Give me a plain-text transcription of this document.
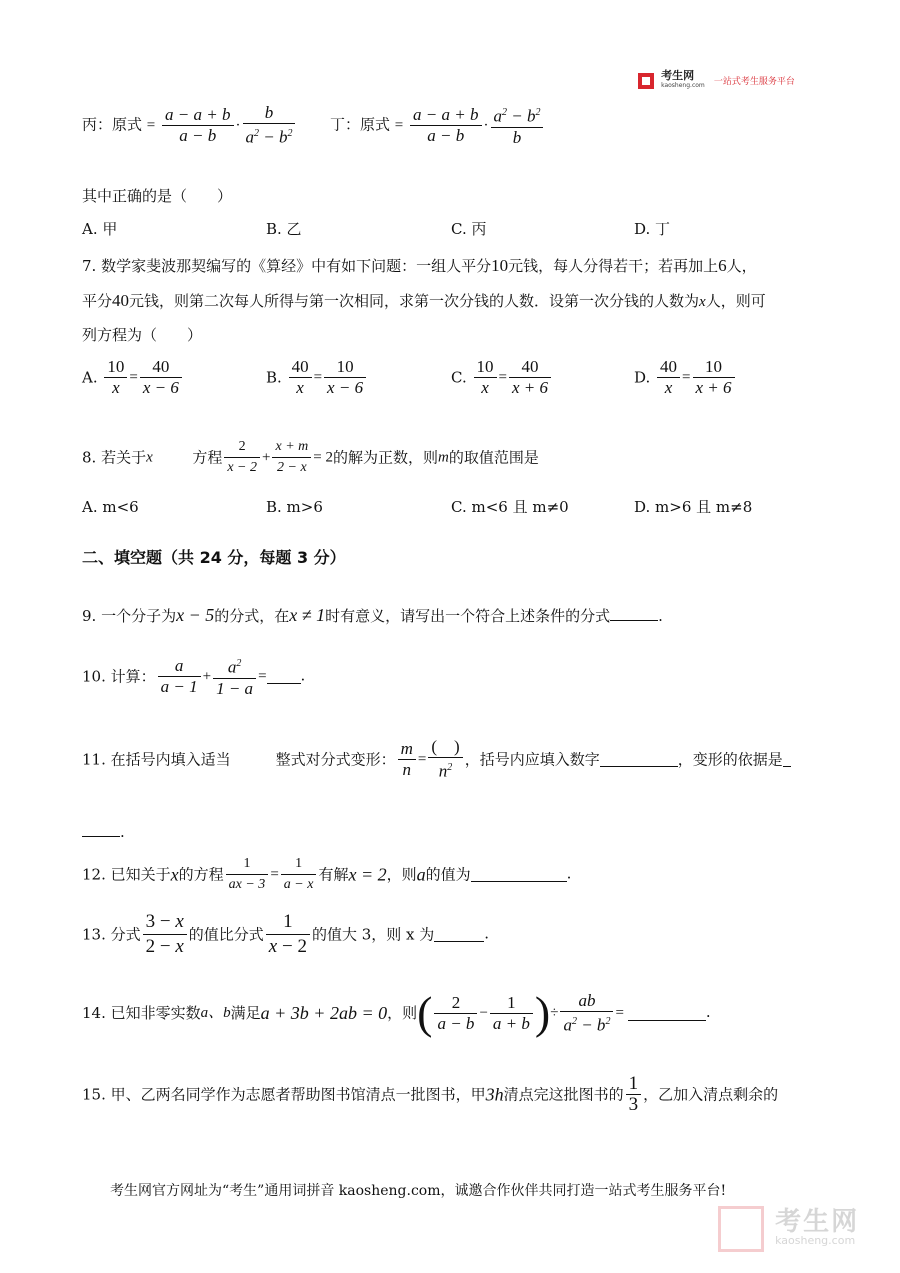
考生网
kaosheng.com 一站式考生服务平台
丙：原式 = $\frac{a - a + b}{a - b} \cdot \frac{b}{a^2 - b^2}$ 丁：原式 = $\frac{a - a + b}{a - b} \cdot \frac{a^2 - b^2}{b}$
其中正确的是（　　）
A. 甲	B. 乙	C. 丙	D. 丁
7. 数学家斐波那契编写的《算经》中有如下问题：一组人平分10元钱，每人分得若干；若再加上6人，
平分40元钱，则第二次每人所得与第一次相同，求第一次分钱的人数．设第一次分钱的人数为x人，则可
列方程为（　　）
A. $\frac{10}{x} = \frac{40}{x - 6}$	B. $\frac{40}{x} = \frac{10}{x - 6}$	C. $\frac{10}{x} = \frac{40}{x + 6}$	D. $\frac{40}{x} = \frac{10}{x + 6}$
8. 若关于x	方程 $\frac{2}{x - 2} + \frac{x + m}{2 - x} = 2$的解为正数，则m的取值范围是
A. m<6	B. m>6	C. m<6 且 m≠0	D. m>6 且 m≠8
二、填空题（共 24 分，每题 3 分）
9. 一个分子为x − 5的分式，在x ≠ 1时有意义，请写出一个符合上述条件的分式	.
10. 计算： $\frac{a}{a - 1} + \frac{a^2}{1 - a}$ = .
11. 在括号内填入适当　　　整式对分式变形： $\frac{m}{n} = \frac{( )}{n^2}$ ，括号内应填入数字	，变形的依据是
.
12. 已知关于x的方程 $\frac{1}{ax - 3} = \frac{1}{a - x}$ 有解x = 2，则a的值为	.
13. 分式 $\frac{3 - x}{2 - x}$ 的值比分式 $\frac{1}{x - 2}$ 的值大 3，则 x 为	.
14. 已知非零实数a、b满足a + 3b + 2ab = 0，则( $\frac{2}{a - b} - \frac{1}{a + b}$ )÷ $\frac{ab}{a^2 - b^2}$ =	.
15. 甲、乙两名同学作为志愿者帮助图书馆清点一批图书，甲3h清点完这批图书的 $\frac{1}{3}$ ，乙加入清点剩余的
考生网官方网址为“考生”通用词拼音 kaosheng.com，诚邀合作伙伴共同打造一站式考生服务平台!

考生网
kaosheng.com
